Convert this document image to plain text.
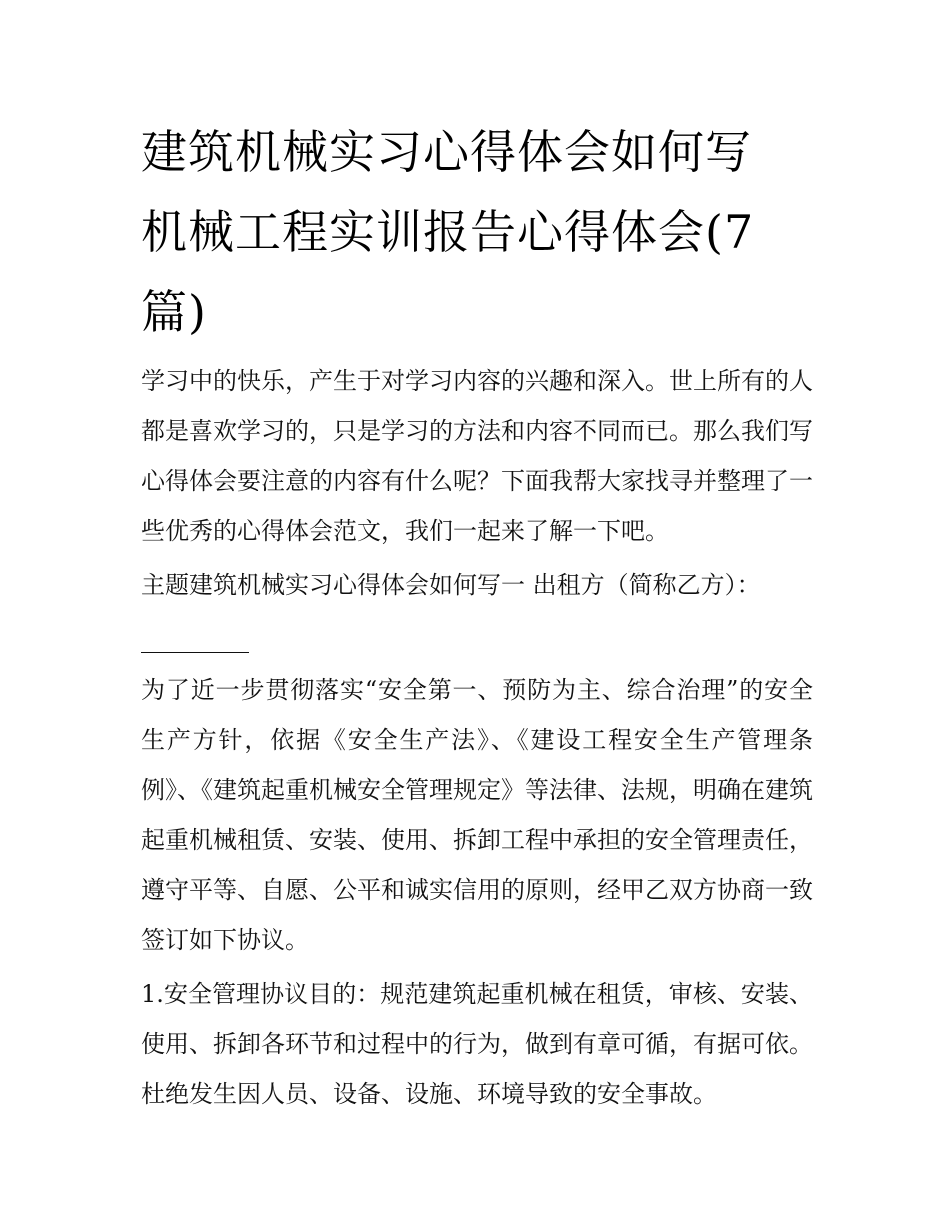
建筑机械实习心得体会如何写
机械工程实训报告心得体会(7
篇)

学习中的快乐，产生于对学习内容的兴趣和深入。世上所有的人都是喜欢学习的，只是学习的方法和内容不同而已。那么我们写心得体会要注意的内容有什么呢？下面我帮大家找寻并整理了一些优秀的心得体会范文，我们一起来了解一下吧。

主题建筑机械实习心得体会如何写一 出租方（简称乙方）：

为了近一步贯彻落实“安全第一、预防为主、综合治理”的安全生产方针，依据《安全生产法》、《建设工程安全生产管理条例》、《建筑起重机械安全管理规定》等法律、法规，明确在建筑起重机械租赁、安装、使用、拆卸工程中承担的安全管理责任，遵守平等、自愿、公平和诚实信用的原则，经甲乙双方协商一致签订如下协议。

1.安全管理协议目的：规范建筑起重机械在租赁，审核、安装、使用、拆卸各环节和过程中的行为，做到有章可循，有据可依。杜绝发生因人员、设备、设施、环境导致的安全事故。
